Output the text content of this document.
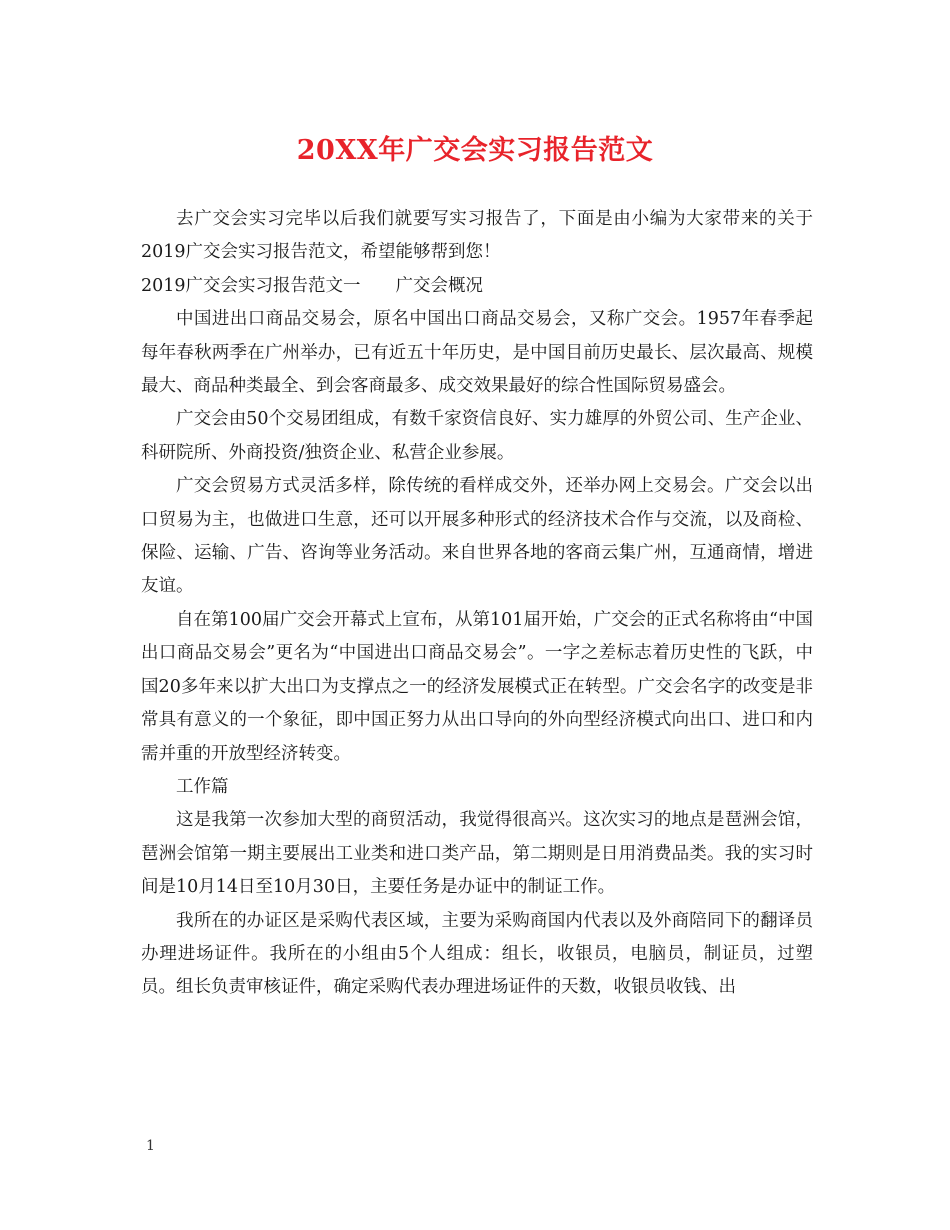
20XX年广交会实习报告范文

去广交会实习完毕以后我们就要写实习报告了，下面是由小编为大家带来的关于2019广交会实习报告范文，希望能够帮到您！

2019广交会实习报告范文一　　广交会概况

中国进出口商品交易会，原名中国出口商品交易会，又称广交会。1957年春季起每年春秋两季在广州举办，已有近五十年历史，是中国目前历史最长、层次最高、规模最大、商品种类最全、到会客商最多、成交效果最好的综合性国际贸易盛会。

广交会由50个交易团组成，有数千家资信良好、实力雄厚的外贸公司、生产企业、科研院所、外商投资/独资企业、私营企业参展。

广交会贸易方式灵活多样，除传统的看样成交外，还举办网上交易会。广交会以出口贸易为主，也做进口生意，还可以开展多种形式的经济技术合作与交流，以及商检、保险、运输、广告、咨询等业务活动。来自世界各地的客商云集广州，互通商情，增进友谊。

自在第100届广交会开幕式上宣布，从第101届开始，广交会的正式名称将由“中国出口商品交易会”更名为“中国进出口商品交易会”。一字之差标志着历史性的飞跃，中国20多年来以扩大出口为支撑点之一的经济发展模式正在转型。广交会名字的改变是非常具有意义的一个象征，即中国正努力从出口导向的外向型经济模式向出口、进口和内需并重的开放型经济转变。

工作篇

这是我第一次参加大型的商贸活动，我觉得很高兴。这次实习的地点是琶洲会馆，琶洲会馆第一期主要展出工业类和进口类产品，第二期则是日用消费品类。我的实习时间是10月14日至10月30日，主要任务是办证中的制证工作。

我所在的办证区是采购代表区域，主要为采购商国内代表以及外商陪同下的翻译员办理进场证件。我所在的小组由5个人组成：组长，收银员，电脑员，制证员，过塑员。组长负责审核证件，确定采购代表办理进场证件的天数，收银员收钱、出

1
